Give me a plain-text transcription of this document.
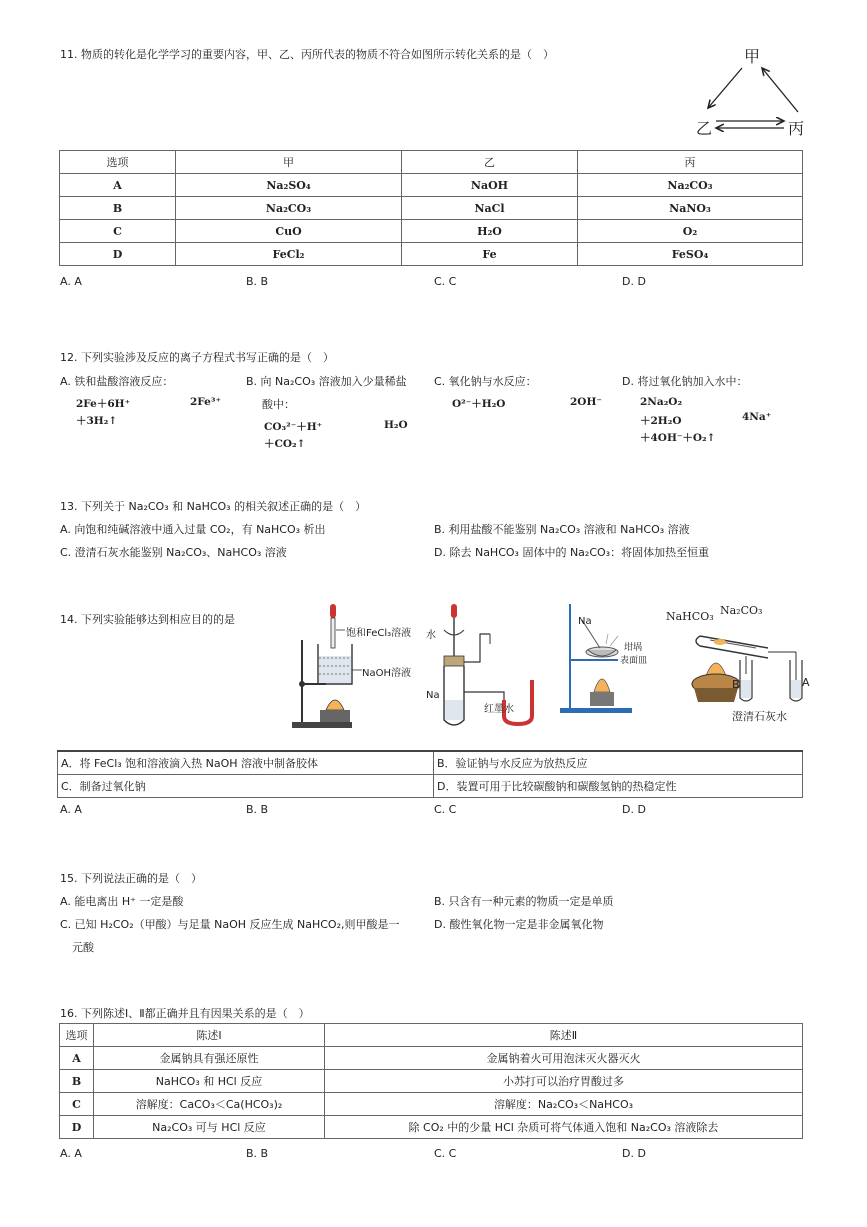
11. 物质的转化是化学学习的重要内容，甲、乙、丙所代表的物质不符合如图所示转化关系的是（　）	甲
乙	丙
选项	甲	乙	丙
A	Na₂SO₄	NaOH	Na₂CO₃
B	Na₂CO₃	NaCl	NaNO₃
C	CuO	H₂O	O₂
D	FeCl₂	Fe	FeSO₄
A. A	B. B	C. C	D. D
12. 下列实验涉及反应的离子方程式书写正确的是（　）
A. 铁和盐酸溶液反应：
2Fe＋6H⁺	2Fe³⁺
＋3H₂↑
B. 向 Na₂CO₃ 溶液加入少量稀盐
酸中：
CO₃²⁻＋H⁺	H₂O
＋CO₂↑
C. 氧化钠与水反应：
O²⁻＋H₂O	2OH⁻
D. 将过氧化钠加入水中：
2Na₂O₂
＋2H₂O	4Na⁺
＋4OH⁻＋O₂↑
13. 下列关于 Na₂CO₃ 和 NaHCO₃ 的相关叙述正确的是（　）
A. 向饱和纯碱溶液中通入过量 CO₂，有 NaHCO₃ 析出	B. 利用盐酸不能鉴别 Na₂CO₃ 溶液和 NaHCO₃ 溶液
C. 澄清石灰水能鉴别 Na₂CO₃、NaHCO₃ 溶液	D. 除去 NaHCO₃ 固体中的 Na₂CO₃：将固体加热至恒重
14. 下列实验能够达到相应目的的是
饱和FeCl₃溶液
NaOH溶液
水
Na
红墨水
Na
坩埚
表面皿
NaHCO₃ Na₂CO₃
B	A
澄清石灰水
A．将 FeCl₃ 饱和溶液滴入热 NaOH 溶液中制备胶体	B．验证钠与水反应为放热反应
C．制备过氧化钠	D．装置可用于比较碳酸钠和碳酸氢钠的热稳定性
A. A	B. B	C. C	D. D
15. 下列说法正确的是（　）
A. 能电离出 H⁺ 一定是酸	B. 只含有一种元素的物质一定是单质
C. 已知 H₂CO₂（甲酸）与足量 NaOH 反应生成 NaHCO₂,则甲酸是一
元酸
D. 酸性氧化物一定是非金属氧化物
16. 下列陈述Ⅰ、Ⅱ都正确并且有因果关系的是（　）
选项	陈述Ⅰ	陈述Ⅱ
A	金属钠具有强还原性	金属钠着火可用泡沫灭火器灭火
B	NaHCO₃ 和 HCl 反应	小苏打可以治疗胃酸过多
C	溶解度：CaCO₃＜Ca(HCO₃)₂	溶解度：Na₂CO₃＜NaHCO₃
D	Na₂CO₃ 可与 HCl 反应	除 CO₂ 中的少量 HCl 杂质可将气体通入饱和 Na₂CO₃ 溶液除去
A. A	B. B	C. C	D. D
